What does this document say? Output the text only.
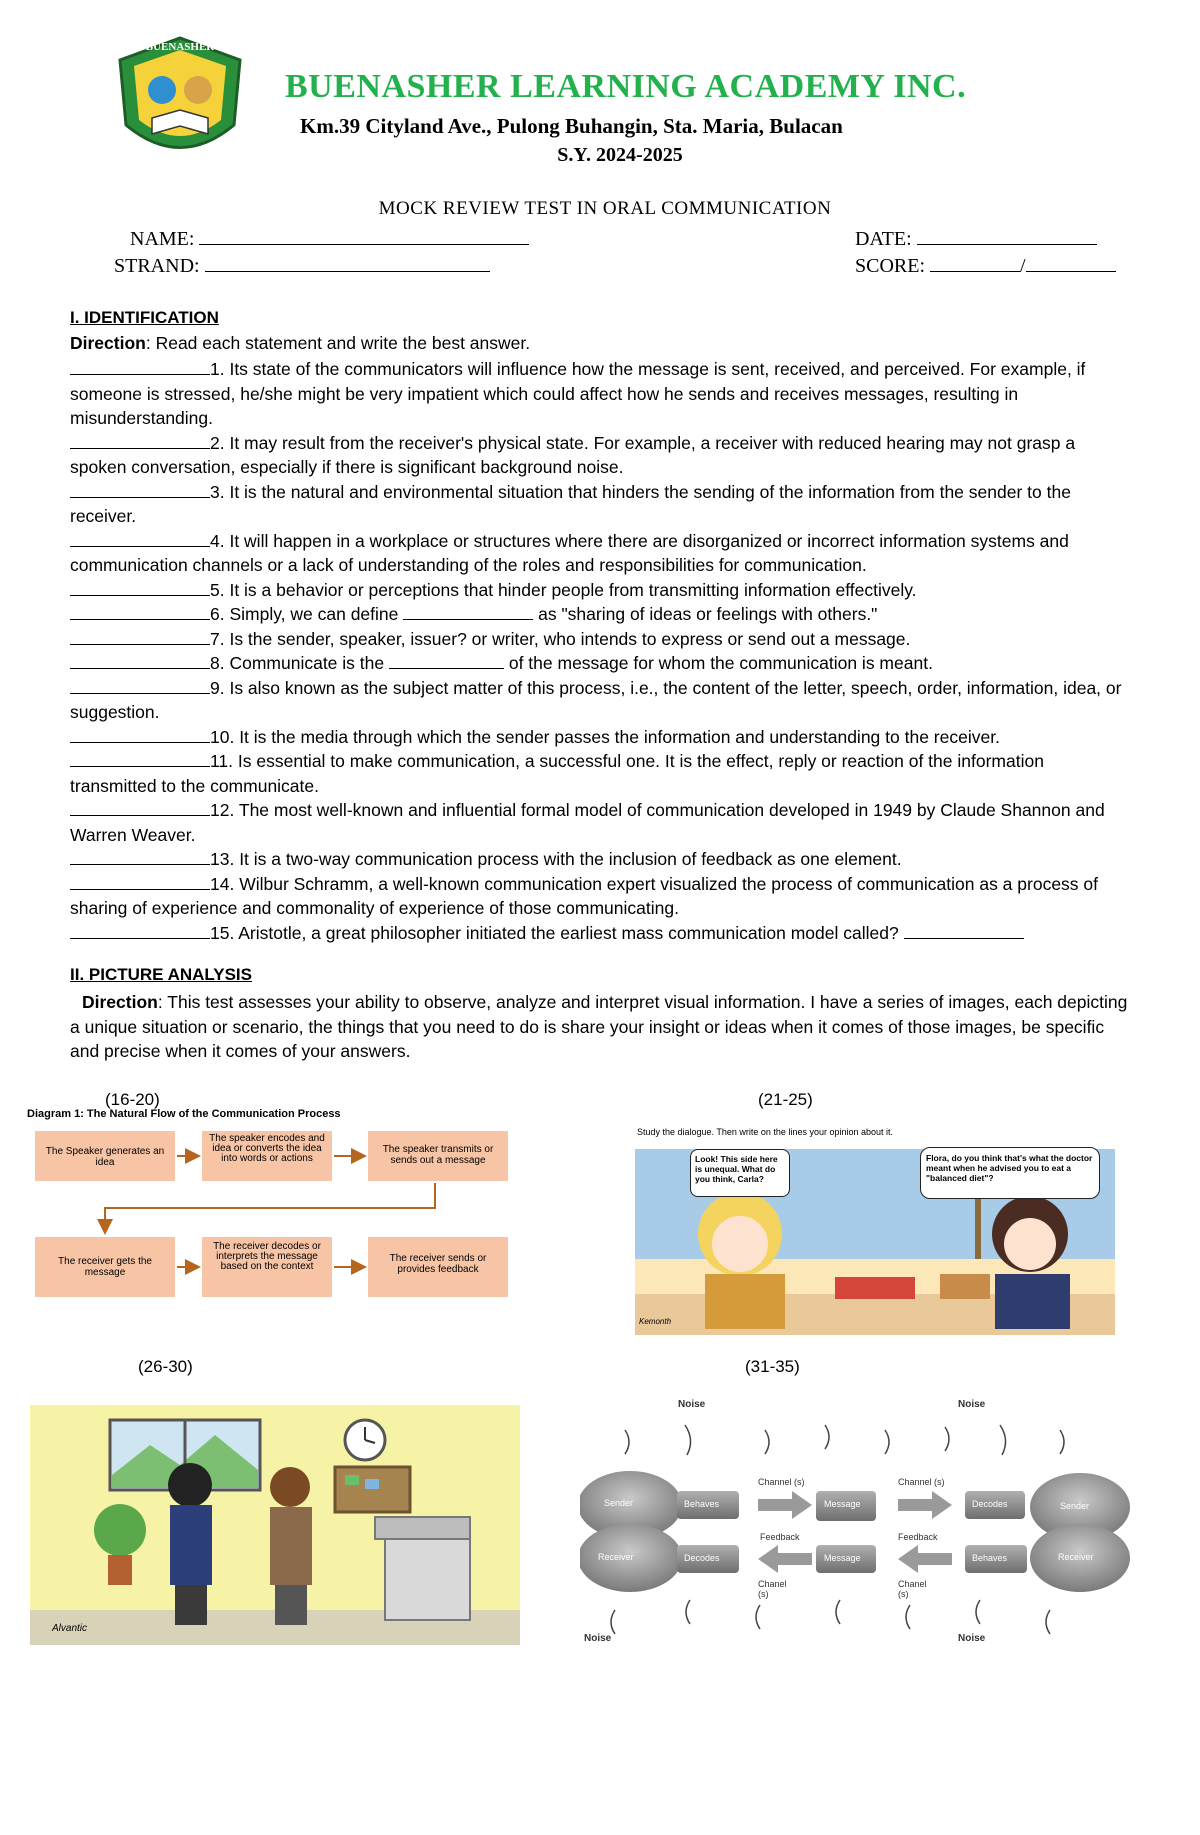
BUENASHER
LEARNING ACADEMY
BUENASHER LEARNING ACADEMY INC.
Km.39 Cityland Ave., Pulong Buhangin, Sta. Maria, Bulacan
S.Y. 2024-2025
MOCK REVIEW TEST IN ORAL COMMUNICATION
NAME:
STRAND:
DATE:
SCORE:	/
I. IDENTIFICATION
Direction: Read each statement and write the best answer.

1. Its state of the communicators will influence how the message is sent, received, and perceived. For example, if someone is stressed, he/she might be very impatient which could affect how he sends and receives messages, resulting in misunderstanding.

2. It may result from the receiver's physical state. For example, a receiver with reduced hearing may not grasp a spoken conversation, especially if there is significant background noise.

3. It is the natural and environmental situation that hinders the sending of the information from the sender to the receiver.

4. It will happen in a workplace or structures where there are disorganized or incorrect information systems and communication channels or a lack of understanding of the roles and responsibilities for communication.

5. It is a behavior or perceptions that hinder people from transmitting information effectively.

6. Simply, we can define	as "sharing of ideas or feelings with others."

7. Is the sender, speaker, issuer? or writer, who intends to express or send out a message.

8. Communicate is the	of the message for whom the communication is meant.

9. Is also known as the subject matter of this process, i.e., the content of the letter, speech, order, information, idea, or suggestion.

10. It is the media through which the sender passes the information and understanding to the receiver.

11. Is essential to make communication, a successful one. It is the effect, reply or reaction of the information transmitted to the communicate.

12. The most well-known and influential formal model of communication developed in 1949 by Claude Shannon and Warren Weaver.

13. It is a two-way communication process with the inclusion of feedback as one element.

14. Wilbur Schramm, a well-known communication expert visualized the process of communication as a process of sharing of experience and commonality of experience of those communicating.

15. Aristotle, a great philosopher initiated the earliest mass communication model called?

II. PICTURE ANALYSIS
Direction: This test assesses your ability to observe, analyze and interpret visual information. I have a series of images, each depicting a unique situation or scenario, the things that you need to do is share your insight or ideas when it comes of those images, be specific and precise when it comes of your answers.
(16-20)	(21-25)
(26-30)	(31-35)
Diagram 1: The Natural Flow of the Communication Process
The Speaker generates an idea
The speaker encodes and idea or converts the idea into words or actions
The speaker transmits or sends out a message
The receiver gets the message
The receiver decodes or interprets the message based on the context
The receiver sends or provides feedback
Study the dialogue. Then write on the lines your opinion about it.
Look! This side here is unequal. What do you think, Carla?
Flora, do you think that's what the doctor meant when he advised you to eat a "balanced diet"?
Kemonth
Alvantic
Noise	Noise
Noise	Noise
Sender
Receiver
Sender
Receiver
Behaves
Decodes
Decodes
Behaves
Message
Message
Channel (s)	Channel (s)
Feedback	Feedback
Chanel (s)
Chanel (s)
